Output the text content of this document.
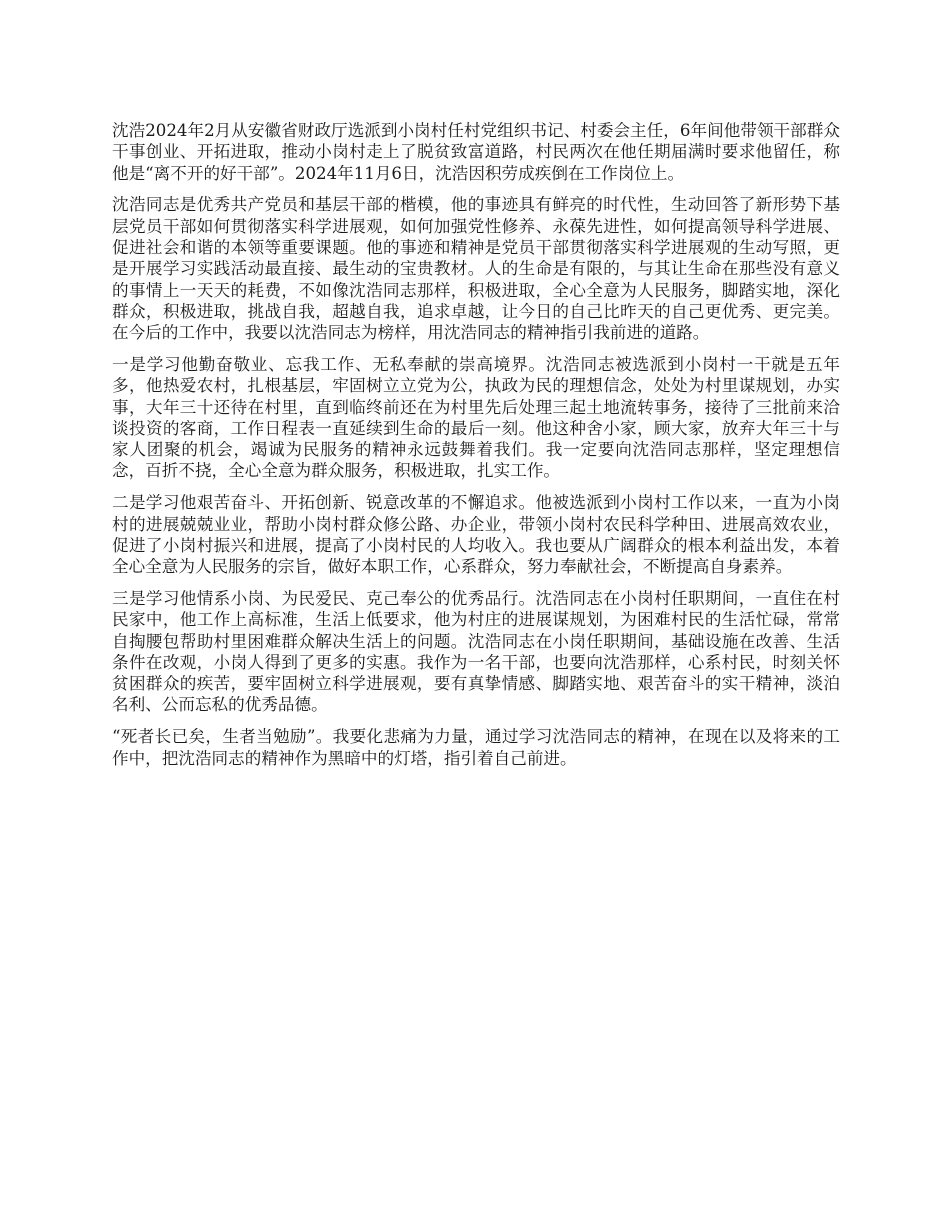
沈浩2024年2月从安徽省财政厅选派到小岗村任村党组织书记、村委会主任，6年间他带领干部群众干事创业、开拓进取，推动小岗村走上了脱贫致富道路，村民两次在他任期届满时要求他留任，称他是“离不开的好干部”。2024年11月6日，沈浩因积劳成疾倒在工作岗位上。

沈浩同志是优秀共产党员和基层干部的楷模，他的事迹具有鲜亮的时代性，生动回答了新形势下基层党员干部如何贯彻落实科学进展观，如何加强党性修养、永葆先进性，如何提高领导科学进展、促进社会和谐的本领等重要课题。他的事迹和精神是党员干部贯彻落实科学进展观的生动写照，更是开展学习实践活动最直接、最生动的宝贵教材。人的生命是有限的，与其让生命在那些没有意义的事情上一天天的耗费，不如像沈浩同志那样，积极进取，全心全意为人民服务，脚踏实地，深化群众，积极进取，挑战自我，超越自我，追求卓越，让今日的自己比昨天的自己更优秀、更完美。在今后的工作中，我要以沈浩同志为榜样，用沈浩同志的精神指引我前进的道路。

一是学习他勤奋敬业、忘我工作、无私奉献的崇高境界。沈浩同志被选派到小岗村一干就是五年多，他热爱农村，扎根基层，牢固树立立党为公，执政为民的理想信念，处处为村里谋规划，办实事，大年三十还待在村里，直到临终前还在为村里先后处理三起土地流转事务，接待了三批前来洽谈投资的客商，工作日程表一直延续到生命的最后一刻。他这种舍小家，顾大家，放弃大年三十与家人团聚的机会，竭诚为民服务的精神永远鼓舞着我们。我一定要向沈浩同志那样，坚定理想信念，百折不挠，全心全意为群众服务，积极进取，扎实工作。

二是学习他艰苦奋斗、开拓创新、锐意改革的不懈追求。他被选派到小岗村工作以来，一直为小岗村的进展兢兢业业，帮助小岗村群众修公路、办企业，带领小岗村农民科学种田、进展高效农业，促进了小岗村振兴和进展，提高了小岗村民的人均收入。我也要从广阔群众的根本利益出发，本着全心全意为人民服务的宗旨，做好本职工作，心系群众，努力奉献社会，不断提高自身素养。

三是学习他情系小岗、为民爱民、克己奉公的优秀品行。沈浩同志在小岗村任职期间，一直住在村民家中，他工作上高标准，生活上低要求，他为村庄的进展谋规划，为困难村民的生活忙碌，常常自掏腰包帮助村里困难群众解决生活上的问题。沈浩同志在小岗任职期间，基础设施在改善、生活条件在改观，小岗人得到了更多的实惠。我作为一名干部，也要向沈浩那样，心系村民，时刻关怀贫困群众的疾苦，要牢固树立科学进展观，要有真挚情感、脚踏实地、艰苦奋斗的实干精神，淡泊名利、公而忘私的优秀品德。

“死者长已矣，生者当勉励”。我要化悲痛为力量，通过学习沈浩同志的精神，在现在以及将来的工作中，把沈浩同志的精神作为黑暗中的灯塔，指引着自己前进。
